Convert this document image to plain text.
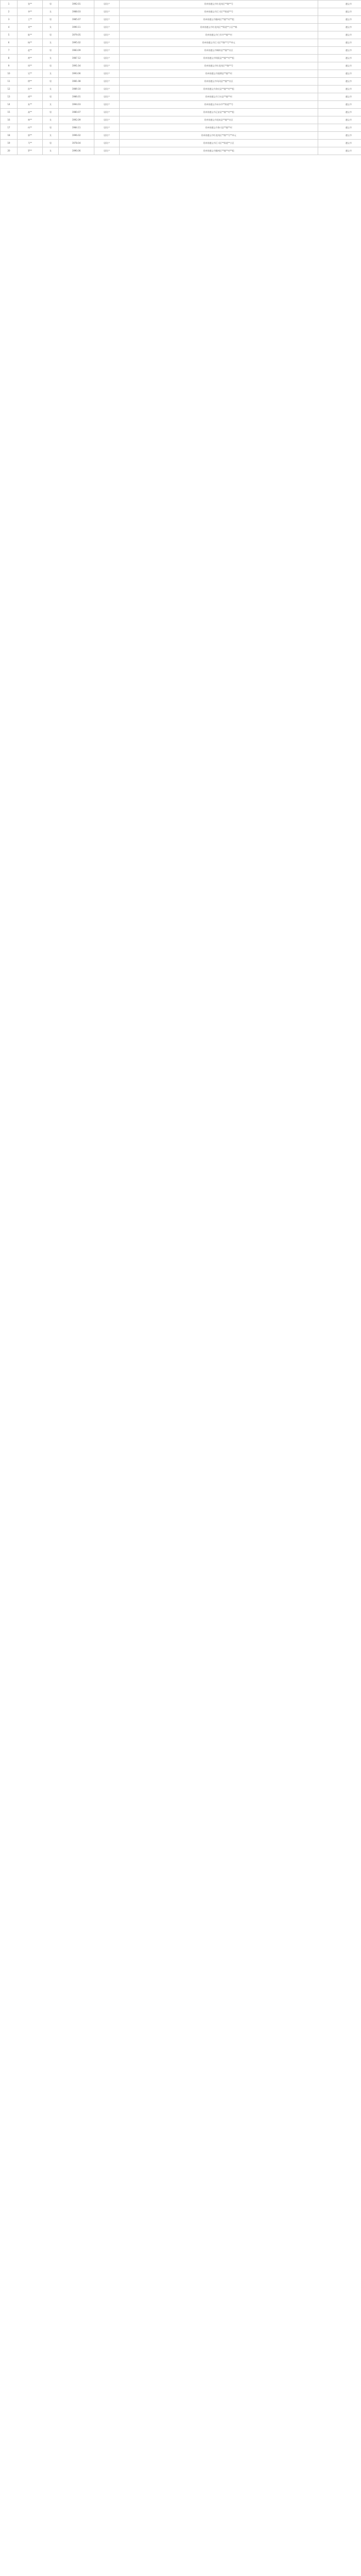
1	张**	男	1992.01	居民户	贵州省遵义市红花岗区**路**号	遵义市
2	李**	女	1988.03	居民户	贵州省遵义市汇川区**街道**号	遵义市
3	王**	男	1985.07	居民户	贵州省遵义市播州区**镇**村**组	遵义市
4	刘**	女	1990.11	居民户	贵州省遵义市红花岗区**街道**小区**栋	遵义市
5	陈**	男	1979.05	居民户	贵州省遵义市仁怀市**镇**村	遵义市
6	杨**	女	1995.02	居民户	贵州省遵义市汇川区**路**号**单元	遵义市
7	赵**	男	1983.09	居民户	贵州省遵义市桐梓县**镇**社区	遵义市
8	黄**	女	1987.12	居民户	贵州省遵义市绥阳县**镇**村**组	遵义市
9	周**	男	1991.04	居民户	贵州省遵义市红花岗区**路**号	遵义市
10	吴**	女	1993.06	居民户	贵州省遵义市湄潭县**镇**村	遵义市
11	徐**	男	1981.08	居民户	贵州省遵义市凤冈县**镇**社区	遵义市
12	孙**	女	1989.10	居民户	贵州省遵义市余庆县**镇**村**组	遵义市
13	胡**	男	1986.01	居民户	贵州省遵义市习水县**镇**村	遵义市
14	朱**	女	1994.03	居民户	贵州省遵义市赤水市**街道**号	遵义市
15	高**	男	1980.07	居民户	贵州省遵义市正安县**镇**村**组	遵义市
16	林**	女	1992.09	居民户	贵州省遵义市道真县**镇**社区	遵义市
17	何**	男	1984.11	居民户	贵州省遵义市务川县**镇**村	遵义市
18	郭**	女	1996.02	居民户	贵州省遵义市红花岗区**路**号**单元	遵义市
19	马**	男	1978.04	居民户	贵州省遵义市汇川区**街道**小区	遵义市
20	罗**	女	1990.06	居民户	贵州省遵义市播州区**镇**村**组	遵义市
